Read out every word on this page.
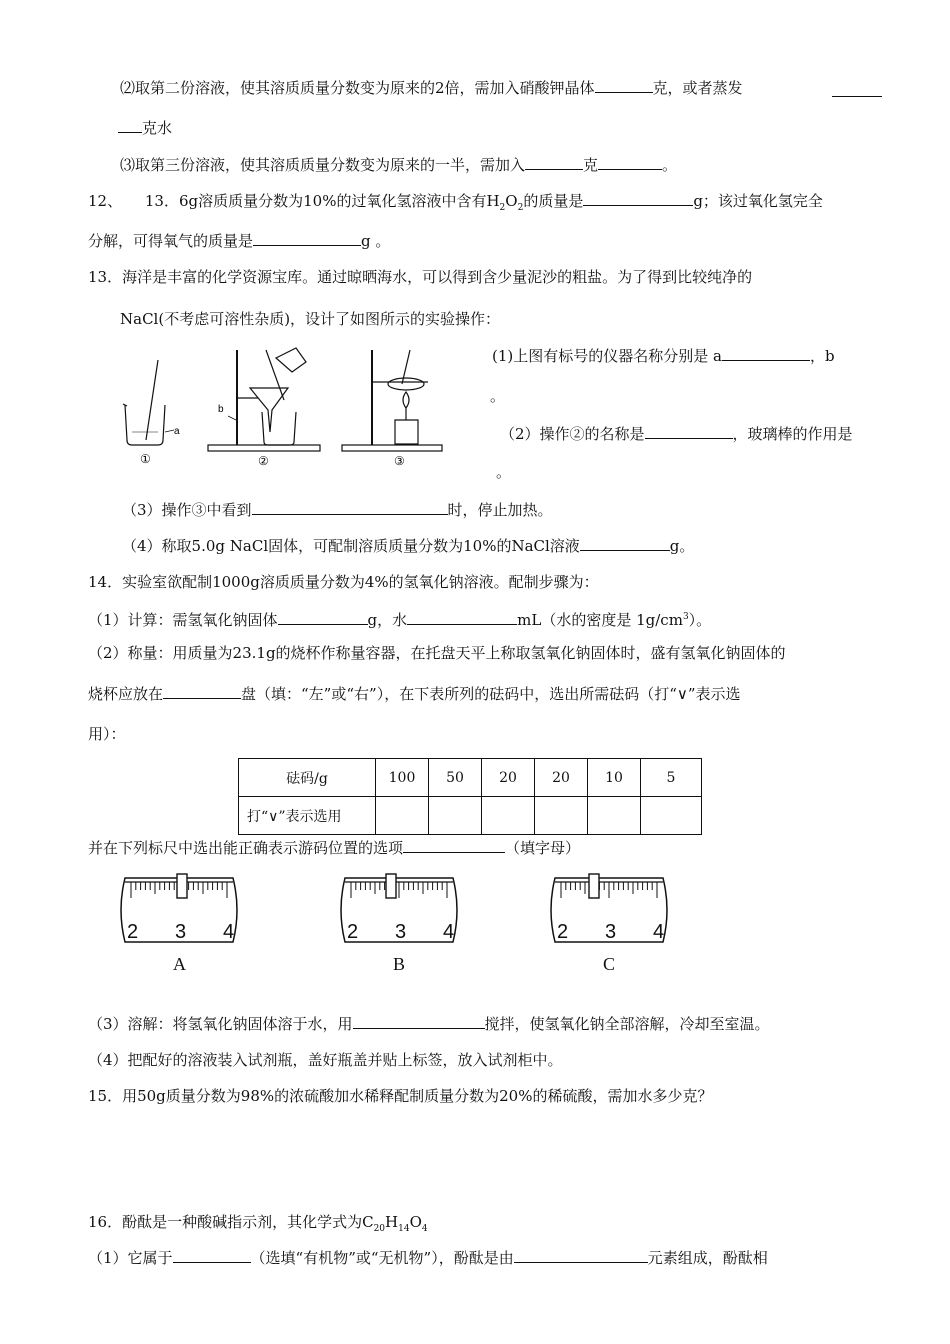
⑵取第二份溶液，使其溶质质量分数变为原来的2倍，需加入硝酸钾晶体	克，或者蒸发
克水
⑶取第三份溶液，使其溶质质量分数变为原来的一半，需加入	克	。
12、 13．6g溶质质量分数为10%的过氧化氢溶液中含有$H_2O_2$的质量是	g；该过氧化氢完全
分解，可得氧气的质量是	g 。
13．海洋是丰富的化学资源宝库。通过晾晒海水，可以得到含少量泥沙的粗盐。为了得到比较纯净的
NaCl(不考虑可溶性杂质)，设计了如图所示的实验操作：
a
①
b
②	③
(1)上图有标号的仪器名称分别是 a	，b
。
（2）操作②的名称是	，玻璃棒的作用是
。
（3）操作③中看到	时，停止加热。
（4）称取5.0g NaCl固体，可配制溶质质量分数为10%的NaCl溶液	g。
14．实验室欲配制1000g溶质质量分数为4%的氢氧化钠溶液。配制步骤为：
（1）计算：需氢氧化钠固体	g，水	mL（水的密度是 $1g/cm^3$）。
（2）称量：用质量为23.1g的烧杯作称量容器，在托盘天平上称取氢氧化钠固体时，盛有氢氧化钠固体的
烧杯应放在	盘（填：“左”或“右”），在下表所列的砝码中，选出所需砝码（打“∨”表示选
用）：
砝码/g	100	50	20	20	10	5
打“∨”表示选用						
并在下列标尺中选出能正确表示游码位置的选项	（填字母）
2 3 4
A
2 3 4
B
2 3 4
C
（3）溶解：将氢氧化钠固体溶于水，用	搅拌，使氢氧化钠全部溶解，冷却至室温。
（4）把配好的溶液装入试剂瓶，盖好瓶盖并贴上标签，放入试剂柜中。
15．用50g质量分数为98%的浓硫酸加水稀释配制质量分数为20%的稀硫酸，需加水多少克？
16．酚酞是一种酸碱指示剂，其化学式为$C_{20}H_{14}O_4$
（1）它属于	（选填“有机物”或“无机物”），酚酞是由	元素组成，酚酞相
